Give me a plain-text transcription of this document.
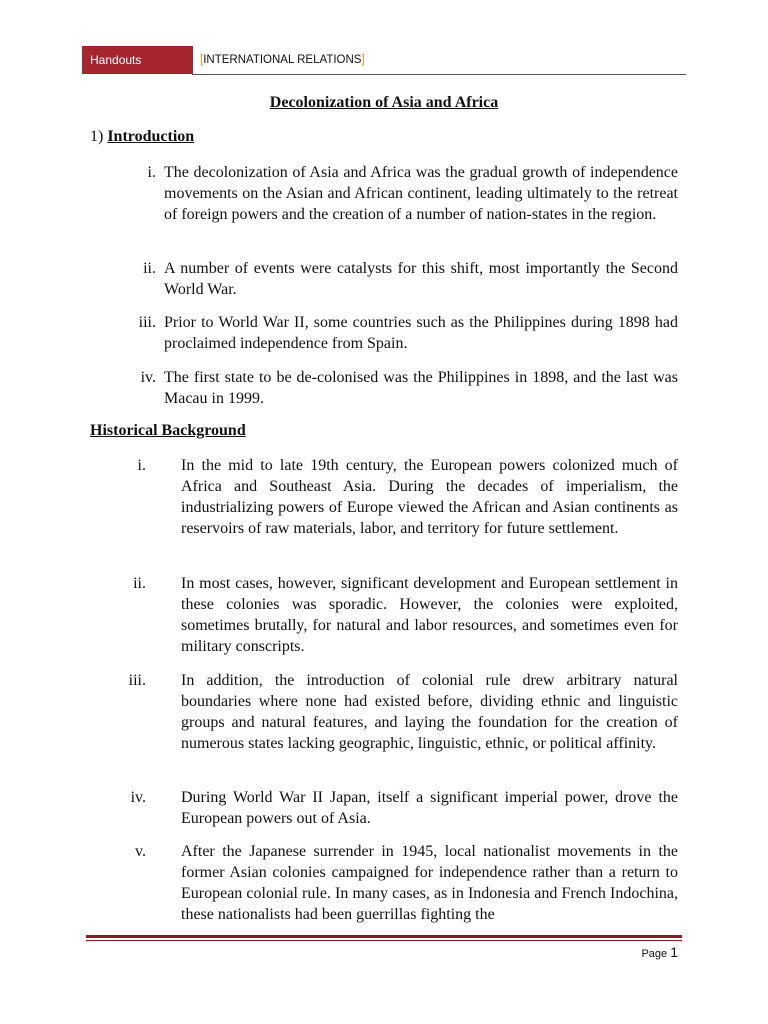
Handouts	[INTERNATIONAL RELATIONS]
Decolonization of Asia and Africa
1) Introduction
i. The decolonization of Asia and Africa was the gradual growth of independence movements on the Asian and African continent, leading ultimately to the retreat of foreign powers and the creation of a number of nation-states in the region.
ii. A number of events were catalysts for this shift, most importantly the Second World War.
iii. Prior to World War II, some countries such as the Philippines during 1898 had proclaimed independence from Spain.
iv. The first state to be de-colonised was the Philippines in 1898, and the last was Macau in 1999.
Historical Background
i. In the mid to late 19th century, the European powers colonized much of Africa and Southeast Asia. During the decades of imperialism, the industrializing powers of Europe viewed the African and Asian continents as reservoirs of raw materials, labor, and territory for future settlement.
ii. In most cases, however, significant development and European settlement in these colonies was sporadic. However, the colonies were exploited, sometimes brutally, for natural and labor resources, and sometimes even for military conscripts.
iii. In addition, the introduction of colonial rule drew arbitrary natural boundaries where none had existed before, dividing ethnic and linguistic groups and natural features, and laying the foundation for the creation of numerous states lacking geographic, linguistic, ethnic, or political affinity.
iv. During World War II Japan, itself a significant imperial power, drove the European powers out of Asia.
v. After the Japanese surrender in 1945, local nationalist movements in the former Asian colonies campaigned for independence rather than a return to European colonial rule. In many cases, as in Indonesia and French Indochina, these nationalists had been guerrillas fighting the
Page 1
